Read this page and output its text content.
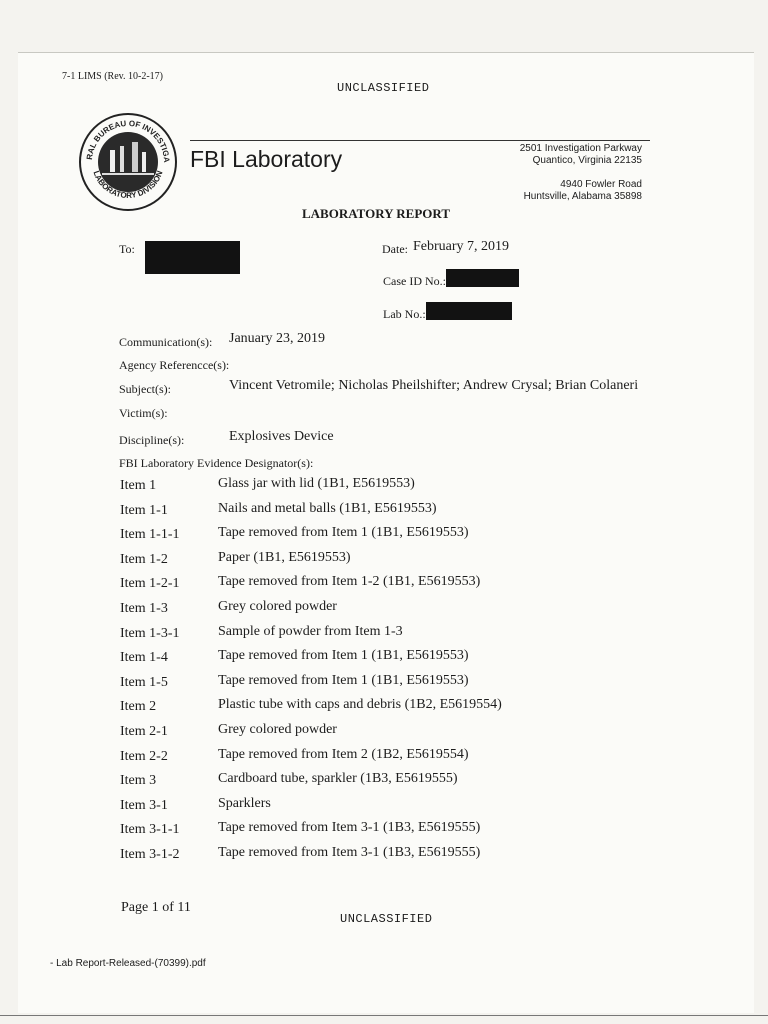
7-1 LIMS (Rev. 10-2-17)
UNCLASSIFIED
RAL BUREAU OF INVESTIGA
LABORATORY DIVISION
FBI Laboratory	2501 Investigation Parkway
Quantico, Virginia 22135
4940 Fowler Road
Huntsville, Alabama 35898
LABORATORY REPORT
To:	Date: February 7, 2019
Case ID No.:
Lab No.:
Communication(s): January 23, 2019
Agency Referencce(s):
Subject(s):	Vincent Vetromile; Nicholas Pheilshifter; Andrew Crysal; Brian Colaneri
Victim(s):
Discipline(s):	Explosives Device
FBI Laboratory Evidence Designator(s):
Item 1	Glass jar with lid (1B1, E5619553)
Item 1-1	Nails and metal balls (1B1, E5619553)
Item 1-1-1	Tape removed from Item 1 (1B1, E5619553)
Item 1-2	Paper (1B1, E5619553)
Item 1-2-1	Tape removed from Item 1-2 (1B1, E5619553)
Item 1-3	Grey colored powder
Item 1-3-1	Sample of powder from Item 1-3
Item 1-4	Tape removed from Item 1 (1B1, E5619553)
Item 1-5	Tape removed from Item 1 (1B1, E5619553)
Item 2	Plastic tube with caps and debris (1B2, E5619554)
Item 2-1	Grey colored powder
Item 2-2	Tape removed from Item 2 (1B2, E5619554)
Item 3	Cardboard tube, sparkler (1B3, E5619555)
Item 3-1	Sparklers
Item 3-1-1	Tape removed from Item 3-1 (1B3, E5619555)
Item 3-1-2	Tape removed from Item 3-1 (1B3, E5619555)
Page 1 of 11
UNCLASSIFIED
- Lab Report-Released-(70399).pdf
